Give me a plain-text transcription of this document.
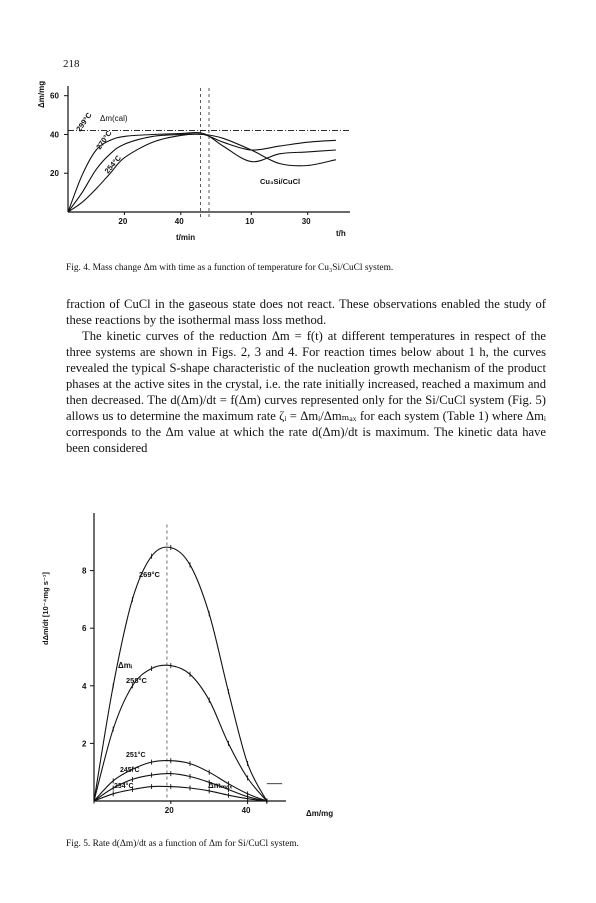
218
Δm/mg
20
40
60
20	40	10	30
Δm(cal)
Cu₃Si/CuCl
t/min	t/h
299°C
270°C
254°C
Fig. 4. Mass change Δm with time as a function of temperature for Cu₃Si/CuCl system.

fraction of CuCl in the gaseous state does not react. These observations enabled the study of these reactions by the isothermal mass loss method.

The kinetic curves of the reduction Δm = f(t) at different temperatures in respect of the three systems are shown in Figs. 2, 3 and 4. For reaction times below about 1 h, the curves revealed the typical S-shape characteristic of the nucleation growth mechanism of the product phases at the active sites in the crystal, i.e. the rate initially increased, reached a maximum and then decreased. The d(Δm)/dt = f(Δm) curves represented only for the Si/CuCl system (Fig. 5) allows us to determine the maximum rate ζᵢ = Δmᵢ/Δmₘₐₓ for each system (Table 1) where Δmᵢ corresponds to the Δm value at which the rate d(Δm)/dt is maximum. The kinetic data have been considered

dΔm/dt [10⁻⁴mg s⁻¹]
2
4
6
8
20	40	Δm/mg
Δmᵢ
Δmₘₐₓ
269°C
258°C
251°C
245°C
234°C
Fig. 5. Rate d(Δm)/dt as a function of Δm for Si/CuCl system.
